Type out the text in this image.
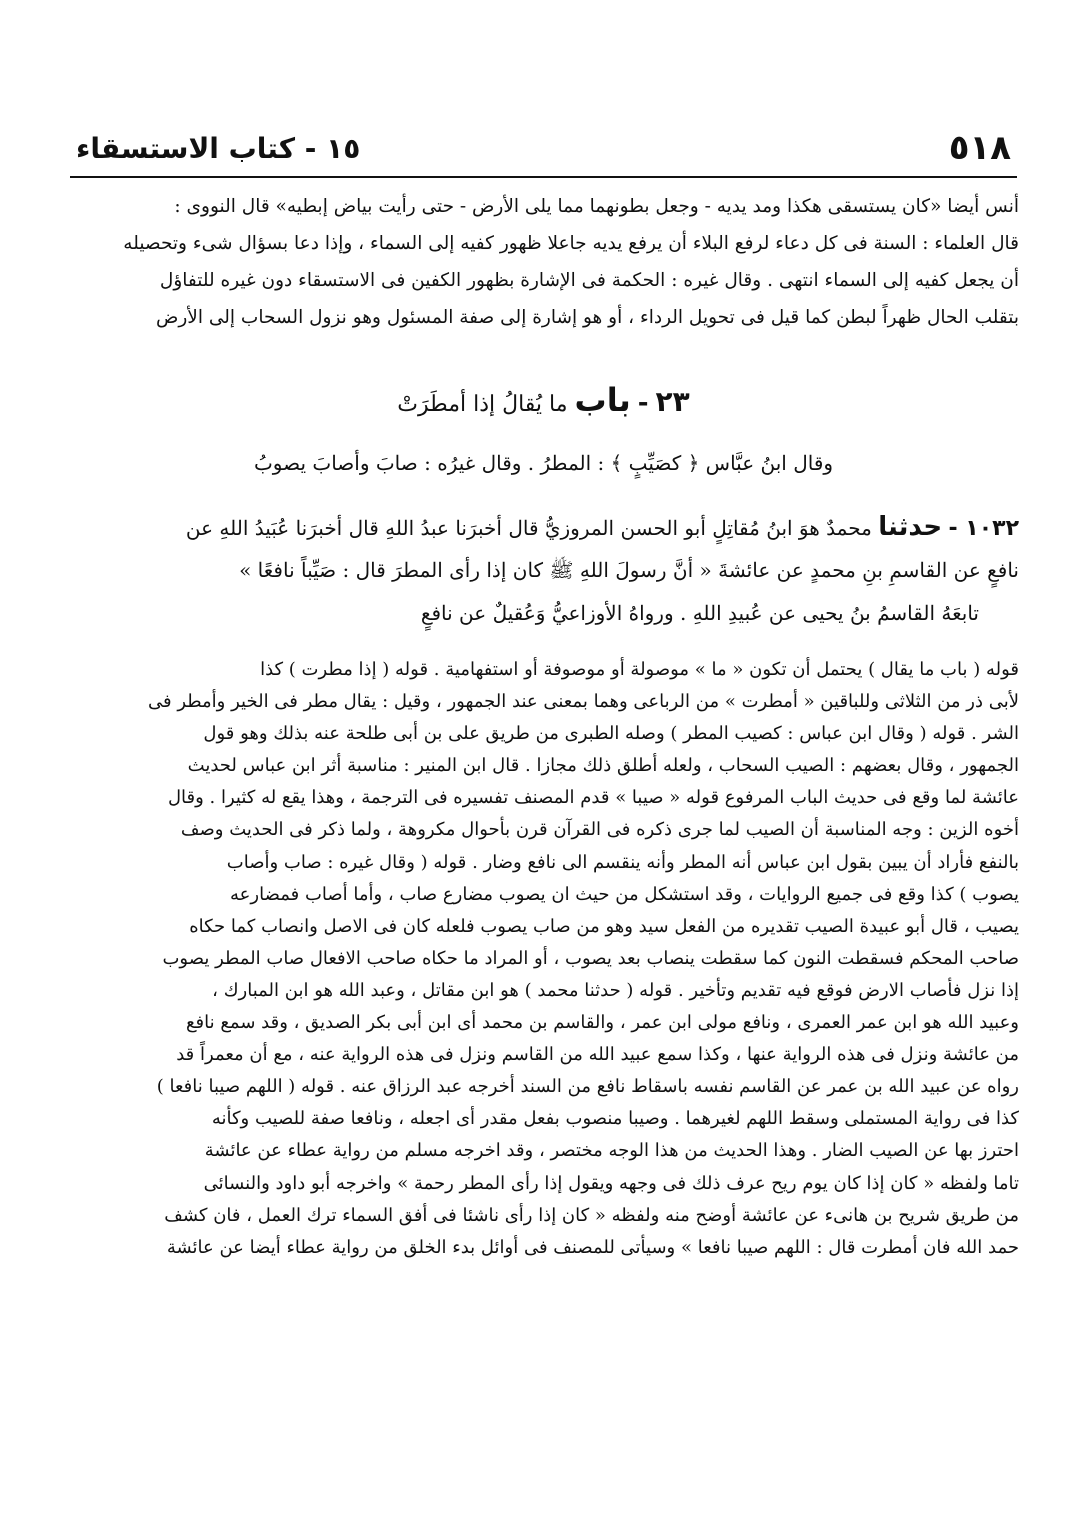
٥١٨
١٥ - كتاب الاستسقاء
أنس أيضا «كان يستسقى هكذا ومد يديه - وجعل بطونهما مما يلى الأرض - حتى رأيت بياض إبطيه» قال النووى :
قال العلماء : السنة فى كل دعاء لرفع البلاء أن يرفع يديه جاعلا ظهور كفيه إلى السماء ، وإذا دعا بسؤال شىء وتحصيله
أن يجعل كفيه إلى السماء انتهى . وقال غيره : الحكمة فى الإشارة بظهور الكفين فى الاستسقاء دون غيره للتفاؤل
بتقلب الحال ظهراً لبطن كما قيل فى تحويل الرداء ، أو هو إشارة إلى صفة المسئول وهو نزول السحاب إلى الأرض
٢٣ - باب ما يُقالُ إذا أمطَرَتْ
وقال ابنُ عبَّاس ﴿ كصَيِّبٍ ﴾ : المطرُ . وقال غيرُه : صابَ وأصابَ يصوبُ
١٠٣٢ - حدثنا محمدٌ هوَ ابنُ مُقاتِلٍ أبو الحسن المروزيُّ قال أخبرَنا عبدُ اللهِ قال أخبرَنا عُبَيدُ اللهِ عن
نافعٍ عن القاسمِ بنِ محمدٍ عن عائشةَ « أنَّ رسولَ اللهِ ﷺ كان إذا رأى المطرَ قال : صَيِّباً نافعًا »
تابعَهُ القاسمُ بنُ يحيى عن عُبيدِ اللهِ . ورواهُ الأوزاعيُّ وَعُقيلٌ عن نافعٍ
قوله ( باب ما يقال ) يحتمل أن تكون « ما » موصولة أو موصوفة أو استفهامية . قوله ( إذا مطرت ) كذا
لأبى ذر من الثلاثى وللباقين « أمطرت » من الرباعى وهما بمعنى عند الجمهور ، وقيل : يقال مطر فى الخير وأمطر فى
الشر . قوله ( وقال ابن عباس : كصيب المطر ) وصله الطبرى من طريق على بن أبى طلحة عنه بذلك وهو قول
الجمهور ، وقال بعضهم : الصيب السحاب ، ولعله أطلق ذلك مجازا . قال ابن المنير : مناسبة أثر ابن عباس لحديث
عائشة لما وقع فى حديث الباب المرفوع قوله « صيبا » قدم المصنف تفسيره فى الترجمة ، وهذا يقع له كثيرا . وقال
أخوه الزين : وجه المناسبة أن الصيب لما جرى ذكره فى القرآن قرن بأحوال مكروهة ، ولما ذكر فى الحديث وصف
بالنفع فأراد أن يبين بقول ابن عباس أنه المطر وأنه ينقسم الى نافع وضار . قوله ( وقال غيره : صاب وأصاب
يصوب ) كذا وقع فى جميع الروايات ، وقد استشكل من حيث ان يصوب مضارع صاب ، وأما أصاب فمضارعه
يصيب ، قال أبو عبيدة الصيب تقديره من الفعل سيد وهو من صاب يصوب فلعله كان فى الاصل وانصاب كما حكاه
صاحب المحكم فسقطت النون كما سقطت ينصاب بعد يصوب ، أو المراد ما حكاه صاحب الافعال صاب المطر يصوب
إذا نزل فأصاب الارض فوقع فيه تقديم وتأخير . قوله ( حدثنا محمد ) هو ابن مقاتل ، وعبد الله هو ابن المبارك ،
وعبيد الله هو ابن عمر العمرى ، ونافع مولى ابن عمر ، والقاسم بن محمد أى ابن أبى بكر الصديق ، وقد سمع نافع
من عائشة ونزل فى هذه الرواية عنها ، وكذا سمع عبيد الله من القاسم ونزل فى هذه الرواية عنه ، مع أن معمراً قد
رواه عن عبيد الله بن عمر عن القاسم نفسه باسقاط نافع من السند أخرجه عبد الرزاق عنه . قوله ( اللهم صيبا نافعا )
كذا فى رواية المستملى وسقط اللهم لغيرهما . وصيبا منصوب بفعل مقدر أى اجعله ، ونافعا صفة للصيب وكأنه
احترز بها عن الصيب الضار . وهذا الحديث من هذا الوجه مختصر ، وقد اخرجه مسلم من رواية عطاء عن عائشة
تاما ولفظه « كان إذا كان يوم ريح عرف ذلك فى وجهه ويقول إذا رأى المطر رحمة » واخرجه أبو داود والنسائى
من طريق شريح بن هانىء عن عائشة أوضح منه ولفظه « كان إذا رأى ناشئا فى أفق السماء ترك العمل ، فان كشف
حمد الله فان أمطرت قال : اللهم صيبا نافعا » وسيأتى للمصنف فى أوائل بدء الخلق من رواية عطاء أيضا عن عائشة
